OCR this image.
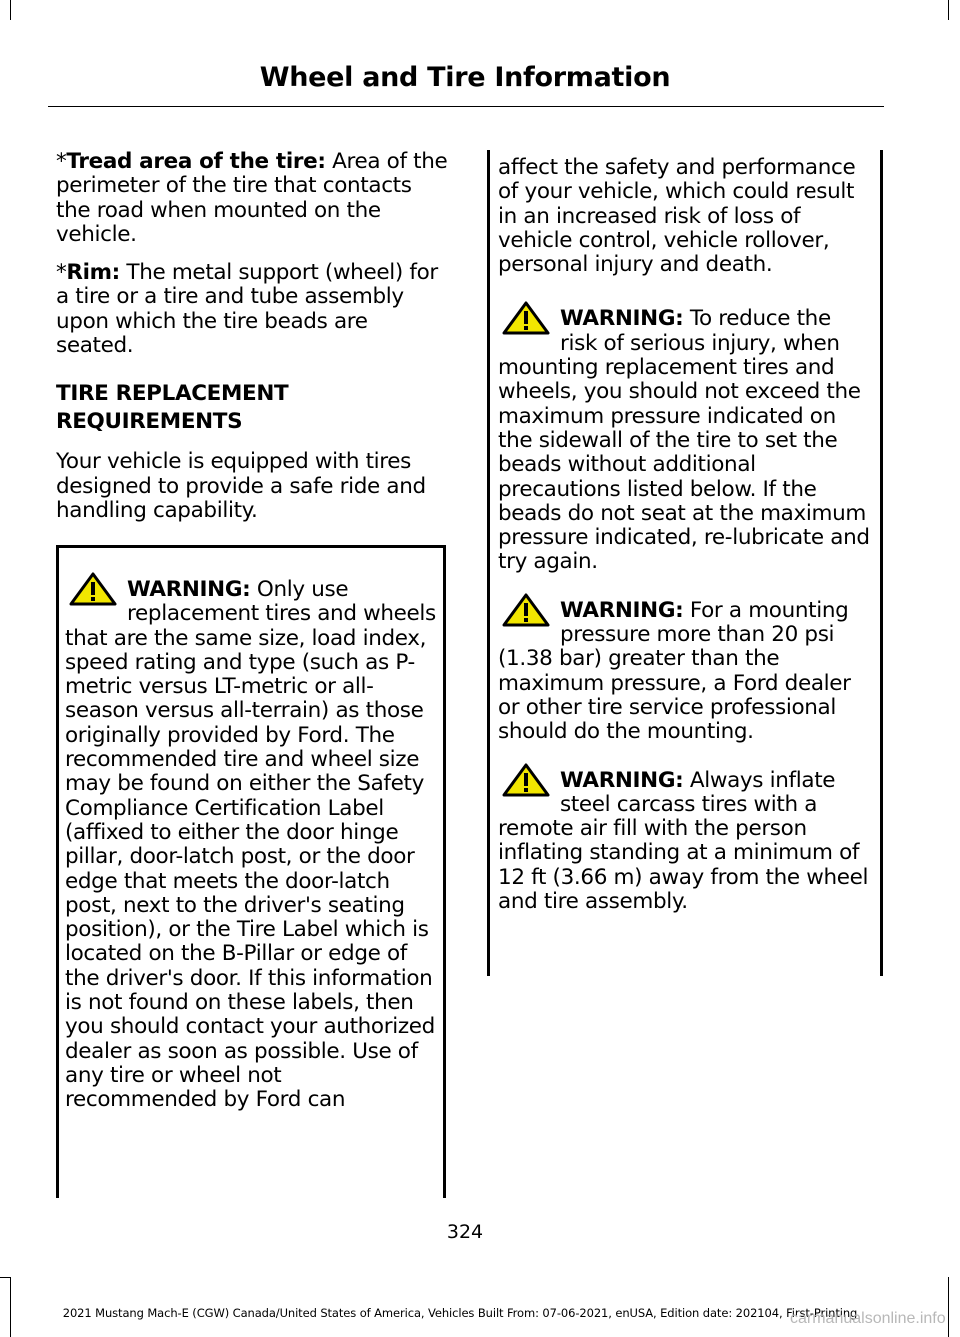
Wheel and Tire Information

*Tread area of the tire: Area of the perimeter of the tire that contacts the road when mounted on the vehicle.

*Rim: The metal support (wheel) for a tire or a tire and tube assembly upon which the tire beads are seated.

TIRE REPLACEMENT
REQUIREMENTS

Your vehicle is equipped with tires designed to provide a safe ride and handling capability.

WARNING: Only use replacement tires and wheels that are the same size, load index, speed rating and type (such as P-metric versus LT-metric or all-season versus all-terrain) as those originally provided by Ford. The recommended tire and wheel size may be found on either the Safety Compliance Certification Label (affixed to either the door hinge pillar, door-latch post, or the door edge that meets the door-latch post, next to the driver's seating position), or the Tire Label which is located on the B-Pillar or edge of the driver's door. If this information is not found on these labels, then you should contact your authorized dealer as soon as possible. Use of any tire or wheel not recommended by Ford can

affect the safety and performance of your vehicle, which could result in an increased risk of loss of vehicle control, vehicle rollover, personal injury and death.

WARNING: To reduce the risk of serious injury, when mounting replacement tires and wheels, you should not exceed the maximum pressure indicated on the sidewall of the tire to set the beads without additional precautions listed below. If the beads do not seat at the maximum pressure indicated, re-lubricate and try again.
WARNING: For a mounting pressure more than 20 psi (1.38 bar) greater than the maximum pressure, a Ford dealer or other tire service professional should do the mounting.
WARNING: Always inflate steel carcass tires with a remote air fill with the person inflating standing at a minimum of 12 ft (3.66 m) away from the wheel and tire assembly.
324
2021 Mustang Mach-E (CGW) Canada/United States of America, Vehicles Built From: 07-06-2021, enUSA, Edition date: 202104, First-Printing
carmanualsonline.info
